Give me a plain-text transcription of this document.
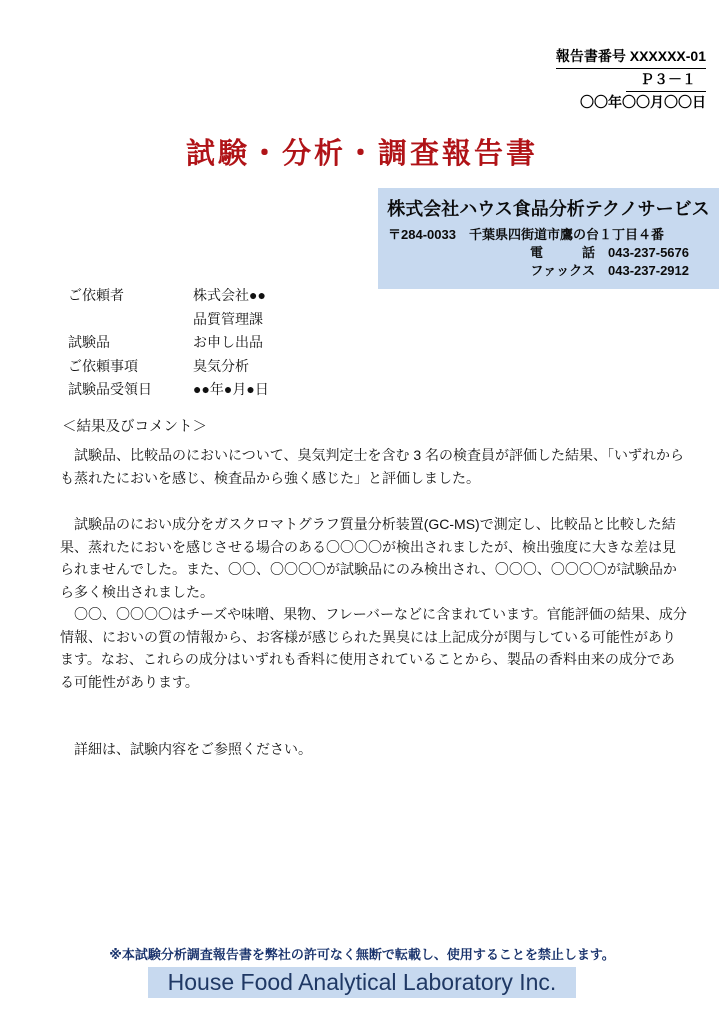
報告書番号 XXXXXX-01
Ｐ３－１
〇〇年〇〇月〇〇日
試験・分析・調査報告書
株式会社ハウス食品分析テクノサービス
〒284-0033　千葉県四街道市鷹の台１丁目４番
電　　　話　043-237-5676
ファックス　043-237-2912
ご依頼者	株式会社●●
品質管理課
試験品	お申し出品
ご依頼事項	臭気分析
試験品受領日	●●年●月●日
＜結果及びコメント＞
　試験品、比較品のにおいについて、臭気判定士を含む 3 名の検査員が評価した結果、「いずれからも蒸れたにおいを感じ、検査品から強く感じた」と評価しました。
　試験品のにおい成分をガスクロマトグラフ質量分析装置(GC-MS)で測定し、比較品と比較した結果、蒸れたにおいを感じさせる場合のある〇〇〇〇が検出されましたが、検出強度に大きな差は見られませんでした。また、〇〇、〇〇〇〇が試験品にのみ検出され、〇〇〇、〇〇〇〇が試験品から多く検出されました。
　〇〇、〇〇〇〇はチーズや味噌、果物、フレーバーなどに含まれています。官能評価の結果、成分情報、においの質の情報から、お客様が感じられた異臭には上記成分が関与している可能性があります。なお、これらの成分はいずれも香料に使用されていることから、製品の香料由来の成分である可能性があります。
　詳細は、試験内容をご参照ください。
※本試験分析調査報告書を弊社の許可なく無断で転載し、使用することを禁止します。
House Food Analytical Laboratory Inc.
